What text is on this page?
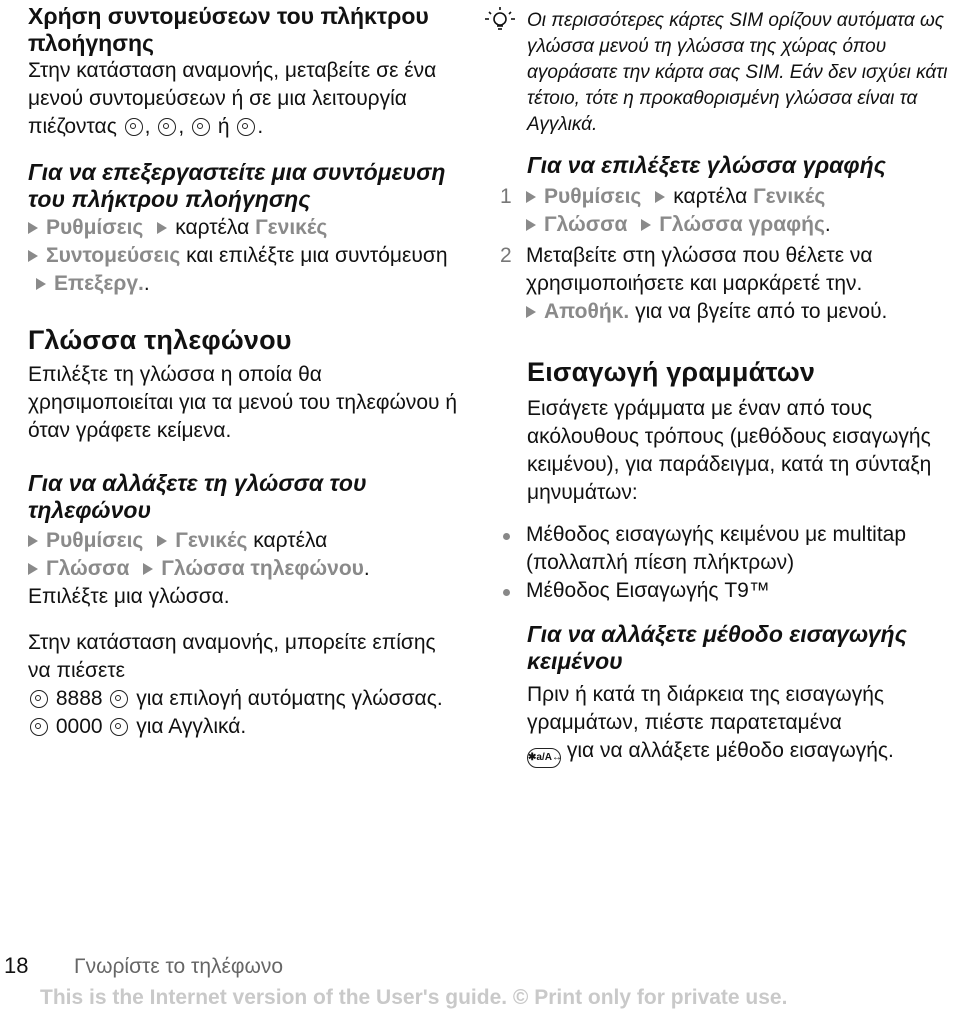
Χρήση συντομεύσεων του πλήκτρου πλοήγησης

Στην κατάσταση αναμονής, μεταβείτε σε ένα μενού συντομεύσεων ή σε μια λειτουργία πιέζοντας , , ή .

Για να επεξεργαστείτε μια συντόμευση του πλήκτρου πλοήγησης

Ρυθμίσεις καρτέλα Γενικές
Συντομεύσεις και επιλέξτε μια συντόμευση Επεξεργ..

Γλώσσα τηλεφώνου

Επιλέξτε τη γλώσσα η οποία θα χρησιμοποιείται για τα μενού του τηλεφώνου ή όταν γράφετε κείμενα.

Για να αλλάξετε τη γλώσσα του τηλεφώνου

Ρυθμίσεις Γενικές καρτέλα
Γλώσσα Γλώσσα τηλεφώνου.
Επιλέξτε μια γλώσσα.

Στην κατάσταση αναμονής, μπορείτε επίσης να πιέσετε
8888 για επιλογή αυτόματης γλώσσας.
0000 για Αγγλικά.

Οι περισσότερες κάρτες SIM ορίζουν αυτόματα ως γλώσσα μενού τη γλώσσα της χώρας όπου αγοράσατε την κάρτα σας SIM. Εάν δεν ισχύει κάτι τέτοιο, τότε η προκαθορισμένη γλώσσα είναι τα Αγγλικά.

Για να επιλέξετε γλώσσα γραφής

1 Ρυθμίσεις καρτέλα Γενικές
Γλώσσα Γλώσσα γραφής.

2 Μεταβείτε στη γλώσσα που θέλετε να χρησιμοποιήσετε και μαρκάρετέ την.
Αποθήκ. για να βγείτε από το μενού.

Εισαγωγή γραμμάτων

Εισάγετε γράμματα με έναν από τους ακόλουθους τρόπους (μεθόδους εισαγωγής κειμένου), για παράδειγμα, κατά τη σύνταξη μηνυμάτων:

Μέθοδος εισαγωγής κειμένου με multitap (πολλαπλή πίεση πλήκτρων)
Μέθοδος Εισαγωγής T9™
Για να αλλάξετε μέθοδο εισαγωγής κειμένου

Πριν ή κατά τη διάρκεια της εισαγωγής γραμμάτων, πιέστε παρατεταμένα
✱a/A↔ για να αλλάξετε μέθοδο εισαγωγής.

18 Γνωρίστε το τηλέφωνο
This is the Internet version of the User's guide. © Print only for private use.
